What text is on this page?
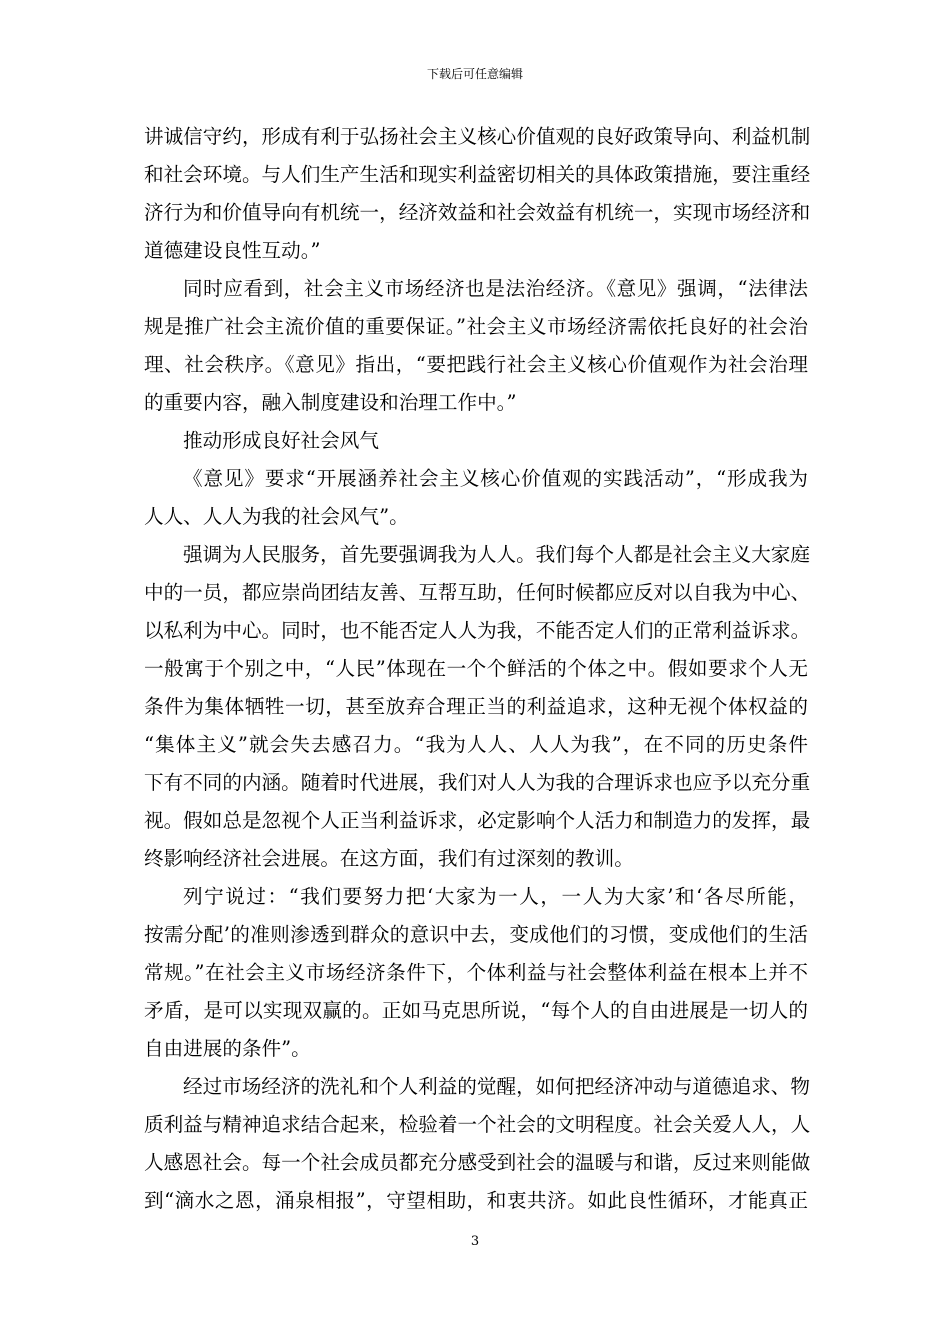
下载后可任意编辑
讲诚信守约，形成有利于弘扬社会主义核心价值观的良好政策导向、利益机制
和社会环境。与人们生产生活和现实利益密切相关的具体政策措施，要注重经
济行为和价值导向有机统一，经济效益和社会效益有机统一，实现市场经济和
道德建设良性互动。”
同时应看到，社会主义市场经济也是法治经济。《意见》强调，“法律法
规是推广社会主流价值的重要保证。”社会主义市场经济需依托良好的社会治
理、社会秩序。《意见》指出，“要把践行社会主义核心价值观作为社会治理
的重要内容，融入制度建设和治理工作中。”
推动形成良好社会风气
《意见》要求“开展涵养社会主义核心价值观的实践活动”，“形成我为
人人、人人为我的社会风气”。
强调为人民服务，首先要强调我为人人。我们每个人都是社会主义大家庭
中的一员，都应崇尚团结友善、互帮互助，任何时候都应反对以自我为中心、
以私利为中心。同时，也不能否定人人为我，不能否定人们的正常利益诉求。
一般寓于个别之中，“人民”体现在一个个鲜活的个体之中。假如要求个人无
条件为集体牺牲一切，甚至放弃合理正当的利益追求，这种无视个体权益的
“集体主义”就会失去感召力。“我为人人、人人为我”，在不同的历史条件
下有不同的内涵。随着时代进展，我们对人人为我的合理诉求也应予以充分重
视。假如总是忽视个人正当利益诉求，必定影响个人活力和制造力的发挥，最
终影响经济社会进展。在这方面，我们有过深刻的教训。
列宁说过：“我们要努力把‘大家为一人，一人为大家’和‘各尽所能，
按需分配’的准则渗透到群众的意识中去，变成他们的习惯，变成他们的生活
常规。”在社会主义市场经济条件下，个体利益与社会整体利益在根本上并不
矛盾，是可以实现双赢的。正如马克思所说，“每个人的自由进展是一切人的
自由进展的条件”。
经过市场经济的洗礼和个人利益的觉醒，如何把经济冲动与道德追求、物
质利益与精神追求结合起来，检验着一个社会的文明程度。社会关爱人人，人
人感恩社会。每一个社会成员都充分感受到社会的温暖与和谐，反过来则能做
到“滴水之恩，涌泉相报”，守望相助，和衷共济。如此良性循环，才能真正
3
